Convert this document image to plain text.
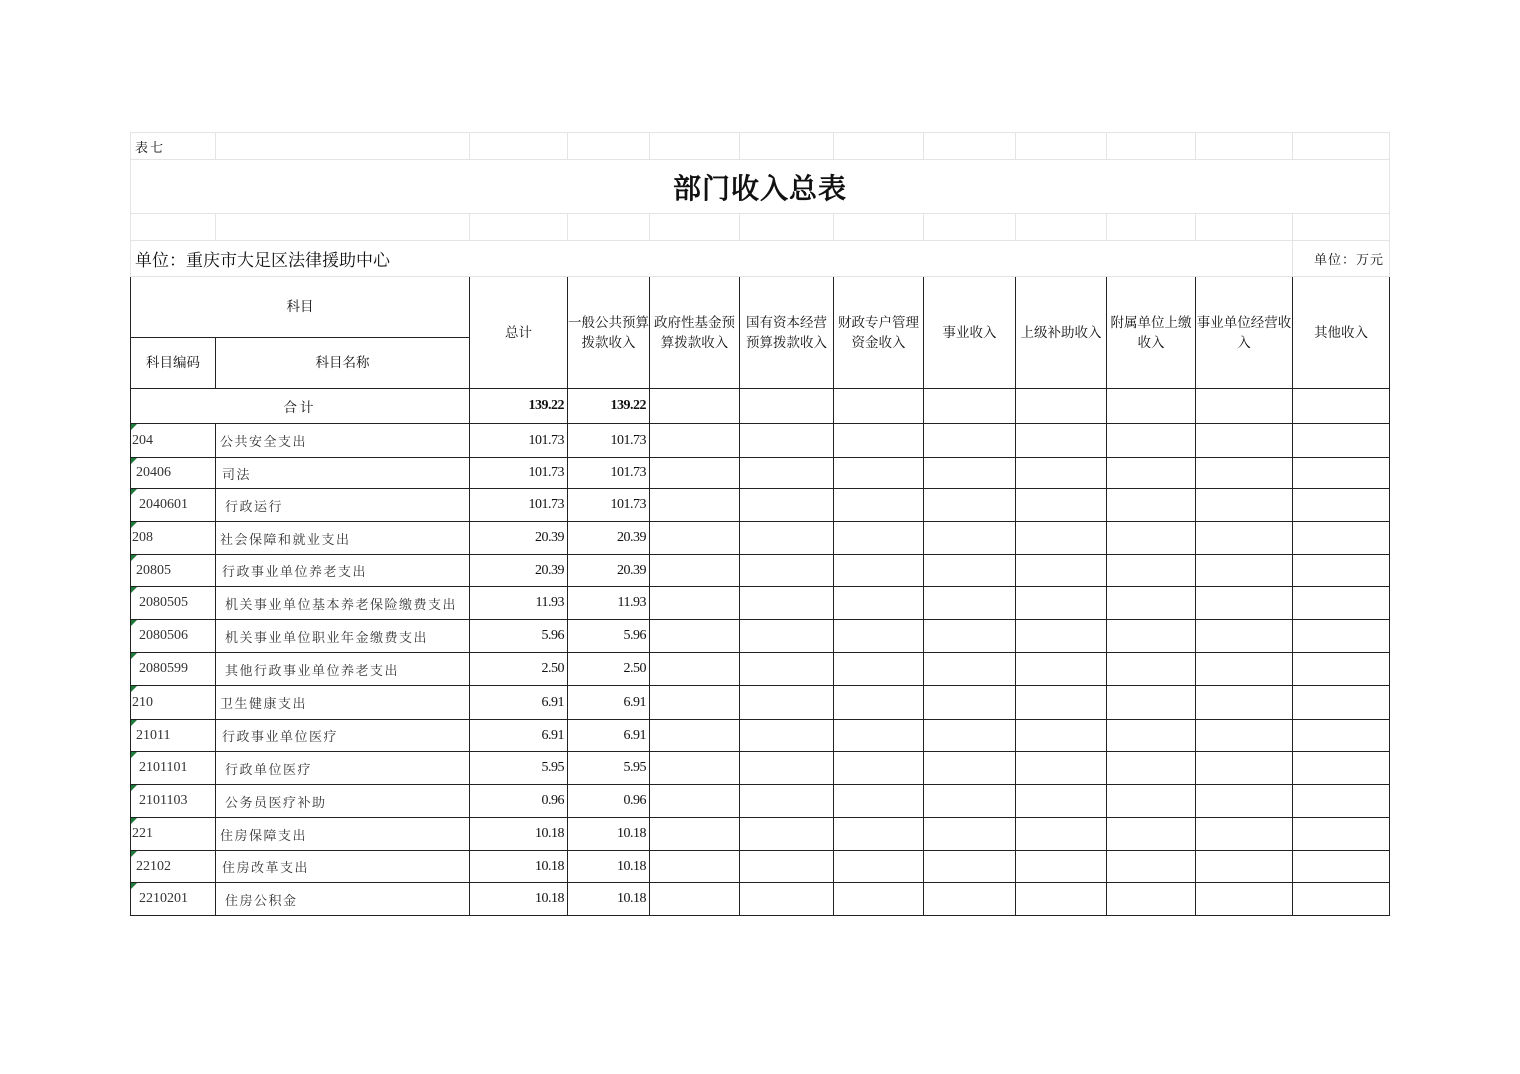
表七											
部门收入总表											

单位：重庆市大足区法律援助中心											单位：万元
科目		总计	一般公共预算拨款收入	政府性基金预算拨款收入	国有资本经营预算拨款收入	财政专户管理资金收入	事业收入	上级补助收入	附属单位上缴收入	事业单位经营收入	其他收入
科目编码	科目名称										
合计		139.22	139.22								
204	公共安全支出	101.73	101.73								
20406	司法	101.73	101.73								
2040601	行政运行	101.73	101.73								
208	社会保障和就业支出	20.39	20.39								
20805	行政事业单位养老支出	20.39	20.39								
2080505	机关事业单位基本养老保险缴费支出	11.93	11.93								
2080506	机关事业单位职业年金缴费支出	5.96	5.96								
2080599	其他行政事业单位养老支出	2.50	2.50								
210	卫生健康支出	6.91	6.91								
21011	行政事业单位医疗	6.91	6.91								
2101101	行政单位医疗	5.95	5.95								
2101103	公务员医疗补助	0.96	0.96								
221	住房保障支出	10.18	10.18								
22102	住房改革支出	10.18	10.18								
2210201	住房公积金	10.18	10.18								
